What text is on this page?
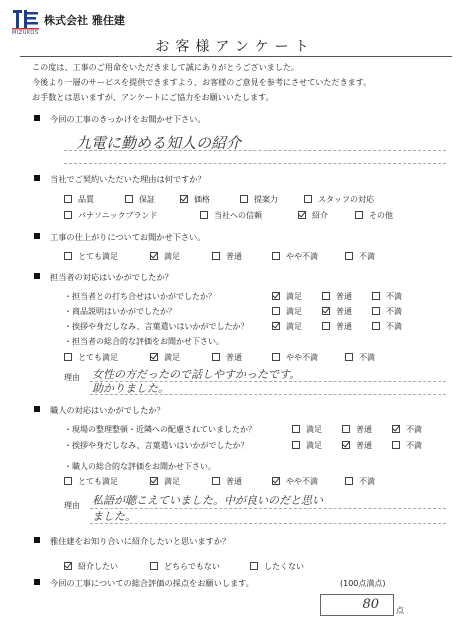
MIZUKOS
株式会社 雅住建
お客様アンケート
この度は、工事のご用命をいただきまして誠にありがとうございました。
今後より一層のサービスを提供できますよう、お客様のご意見を参考にさせていただきます。
お手数とは思いますが、アンケートにご協力をお願いいたします。
今回の工事のきっかけをお聞かせ下さい。
九電に勤める知人の紹介
当社でご契約いただいた理由は何ですか？
品質	保証	価格	提案力	スタッフの対応
パナソニックブランド	当社への信頼	紹介	その他
工事の仕上がりについてお聞かせ下さい。
とても満足	満足	普通	やや不満	不満
担当者の対応はいかがでしたか？
・担当者との打ち合せはいかがでしたか？	満足	普通	不満
・商品説明はいかがでしたか？	満足	普通	不満
・挨拶や身だしなみ、言葉遣いはいかがでしたか？	満足	普通	不満
・担当者の総合的な評価をお聞かせ下さい。
とても満足	満足	普通	やや不満	不満
理由 女性の方だったので話しやすかったです。
助かりました。
職人の対応はいかがでしたか？
・現場の整理整頓・近隣への配慮されていましたか？	満足	普通	不満
・挨拶や身だしなみ、言葉遣いはいかがでしたか？	満足	普通	不満
・職人の総合的な評価をお聞かせ下さい。
とても満足	満足	普通	やや不満	不満
理由 私語が聴こえていました。中が良いのだと思い
ました。
雅住建をお知り合いに紹介したいと思いますか？
紹介したい	どちらでもない	したくない
今回の工事についての総合評価の採点をお願いします。	(100点満点)
80 点
